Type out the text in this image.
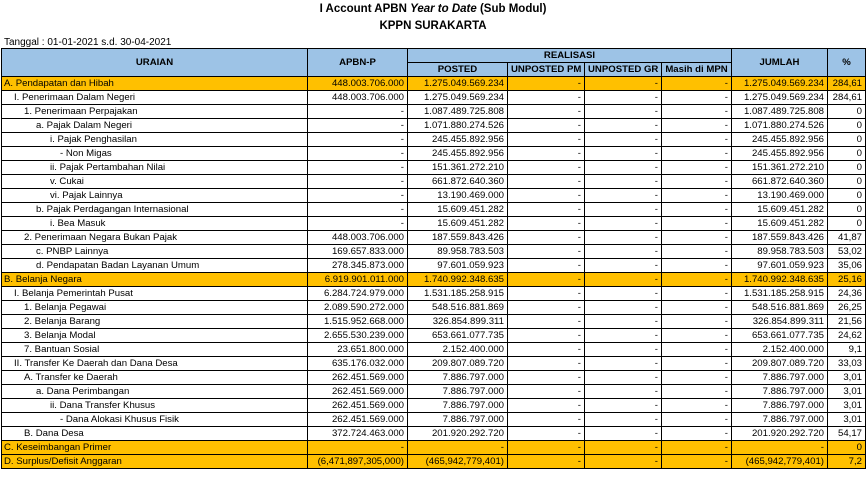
I Account APBN Year to Date (Sub Modul)
KPPN SURAKARTA
Tanggal : 01-01-2021 s.d. 30-04-2021
URAIAN	APBN-P	REALISASI				JUMLAH	%
		POSTED	UNPOSTED PM	UNPOSTED GR	Masih di MPN		
A. Pendapatan dan Hibah	448.003.706.000	1.275.049.569.234	-	-	-	1.275.049.569.234	284,61
I. Penerimaan Dalam Negeri	448.003.706.000	1.275.049.569.234	-	-	-	1.275.049.569.234	284,61
1. Penerimaan Perpajakan	-	1.087.489.725.808	-	-	-	1.087.489.725.808	0
a. Pajak Dalam Negeri	-	1.071.880.274.526	-	-	-	1.071.880.274.526	0
i. Pajak Penghasilan	-	245.455.892.956	-	-	-	245.455.892.956	0
- Non Migas	-	245.455.892.956	-	-	-	245.455.892.956	0
ii. Pajak Pertambahan Nilai	-	151.361.272.210	-	-	-	151.361.272.210	0
v. Cukai	-	661.872.640.360	-	-	-	661.872.640.360	0
vi. Pajak Lainnya	-	13.190.469.000	-	-	-	13.190.469.000	0
b. Pajak Perdagangan Internasional	-	15.609.451.282	-	-	-	15.609.451.282	0
i. Bea Masuk	-	15.609.451.282	-	-	-	15.609.451.282	0
2. Penerimaan Negara Bukan Pajak	448.003.706.000	187.559.843.426	-	-	-	187.559.843.426	41,87
c. PNBP Lainnya	169.657.833.000	89.958.783.503	-	-	-	89.958.783.503	53,02
d. Pendapatan Badan Layanan Umum	278.345.873.000	97.601.059.923	-	-	-	97.601.059.923	35,06
B. Belanja Negara	6.919.901.011.000	1.740.992.348.635	-	-	-	1.740.992.348.635	25,16
I. Belanja Pemerintah Pusat	6.284.724.979.000	1.531.185.258.915	-	-	-	1.531.185.258.915	24,36
1. Belanja Pegawai	2.089.590.272.000	548.516.881.869	-	-	-	548.516.881.869	26,25
2. Belanja Barang	1.515.952.668.000	326.854.899.311	-	-	-	326.854.899.311	21,56
3. Belanja Modal	2.655.530.239.000	653.661.077.735	-	-	-	653.661.077.735	24,62
7. Bantuan Sosial	23.651.800.000	2.152.400.000	-	-	-	2.152.400.000	9,1
II. Transfer Ke Daerah dan Dana Desa	635.176.032.000	209.807.089.720	-	-	-	209.807.089.720	33,03
A. Transfer ke Daerah	262.451.569.000	7.886.797.000	-	-	-	7.886.797.000	3,01
a. Dana Perimbangan	262.451.569.000	7.886.797.000	-	-	-	7.886.797.000	3,01
ii. Dana Transfer Khusus	262.451.569.000	7.886.797.000	-	-	-	7.886.797.000	3,01
- Dana Alokasi Khusus Fisik	262.451.569.000	7.886.797.000	-	-	-	7.886.797.000	3,01
B. Dana Desa	372.724.463.000	201.920.292.720	-	-	-	201.920.292.720	54,17
C. Keseimbangan Primer	-	-	-	-	-	-	0
D. Surplus/Defisit Anggaran	(6,471,897,305,000)	(465,942,779,401)	-	-	-	(465,942,779,401)	7,2
